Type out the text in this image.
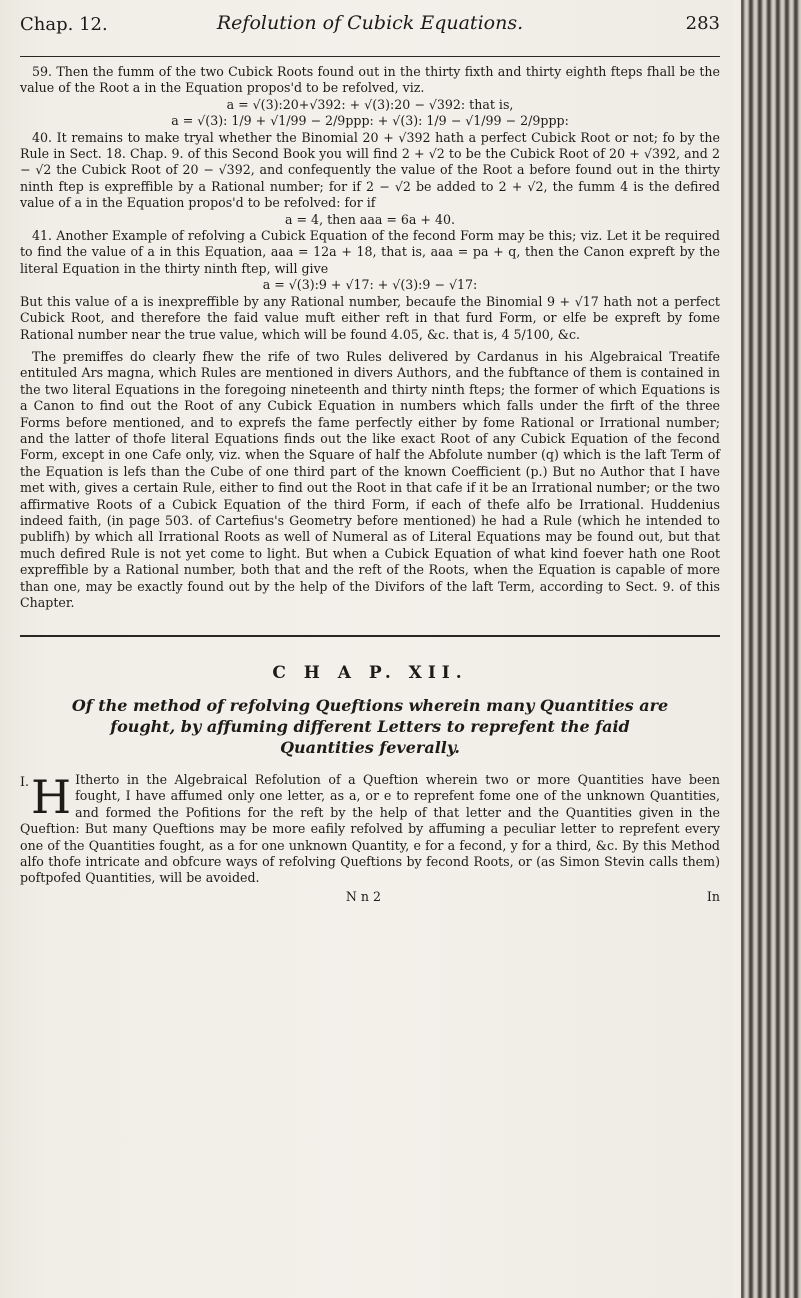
Chap. 12.	Refolution of Cubick Equations.	283

59. Then the fumm of the two Cubick Roots found out in the thirty fixth and thirty eighth fteps fhall be the value of the Root a in the Equation propos'd to be refolved, viz.

a = √(3):20+√392: + √(3):20 − √392: that is,

a = √(3): 1/9 + √1/99 − 2/9ppp: + √(3): 1/9 − √1/99 − 2/9ppp:

40. It remains to make tryal whether the Binomial 20 + √392 hath a perfect Cubick Root or not; fo by the Rule in Sect. 18. Chap. 9. of this Second Book you will find 2 + √2 to be the Cubick Root of 20 + √392, and 2 − √2 the Cubick Root of 20 − √392, and confequently the value of the Root a before found out in the thirty ninth ftep is expreffible by a Rational number; for if 2 − √2 be added to 2 + √2, the fumm 4 is the defired value of a in the Equation propos'd to be refolved: for if

a = 4, then aaa = 6a + 40.

41. Another Example of refolving a Cubick Equation of the fecond Form may be this; viz. Let it be required to find the value of a in this Equation, aaa = 12a + 18, that is, aaa = pa + q, then the Canon expreft by the literal Equation in the thirty ninth ftep, will give

a = √(3):9 + √17: + √(3):9 − √17:

But this value of a is inexpreffible by any Rational number, becaufe the Binomial 9 + √17 hath not a perfect Cubick Root, and therefore the faid value muft either reft in that furd Form, or elfe be expreft by fome Rational number near the true value, which will be found 4.05, &c. that is, 4 5/100, &c.

The premiffes do clearly fhew the rife of two Rules delivered by Cardanus in his Algebraical Treatife entituled Ars magna, which Rules are mentioned in divers Authors, and the fubftance of them is contained in the two literal Equations in the foregoing nineteenth and thirty ninth fteps; the former of which Equations is a Canon to find out the Root of any Cubick Equation in numbers which falls under the firft of the three Forms before mentioned, and to exprefs the fame perfectly either by fome Rational or Irrational number; and the latter of thofe literal Equations finds out the like exact Root of any Cubick Equation of the fecond Form, except in one Cafe only, viz. when the Square of half the Abfolute number (q) which is the laft Term of the Equation is lefs than the Cube of one third part of the known Coefficient (p.) But no Author that I have met with, gives a certain Rule, either to find out the Root in that cafe if it be an Irrational number; or the two affirmative Roots of a Cubick Equation of the third Form, if each of thefe alfo be Irrational. Huddenius indeed faith, (in page 503. of Cartefius's Geometry before mentioned) he had a Rule (which he intended to publifh) by which all Irrational Roots as well of Numeral as of Literal Equations may be found out, but that much defired Rule is not yet come to light. But when a Cubick Equation of what kind foever hath one Root expreffible by a Rational number, both that and the reft of the Roots, when the Equation is capable of more than one, may be exactly found out by the help of the Divifors of the laft Term, according to Sect. 9. of this Chapter.

C H A P. XII.
Of the method of refolving Queftions wherein many Quantities are
fought, by affuming different Letters to reprefent the faid
Quantities feverally.

I. H Itherto in the Algebraical Refolution of a Queftion wherein two or more Quantities have been fought, I have affumed only one letter, as a, or e to reprefent fome one of the unknown Quantities, and formed the Pofitions for the reft by the help of that letter and the Quantities given in the Queftion: But many Queftions may be more eafily refolved by affuming a peculiar letter to reprefent every one of the Quantities fought, as a for one unknown Quantity, e for a fecond, y for a third, &c. By this Method alfo thofe intricate and obfcure ways of refolving Queftions by fecond Roots, or (as Simon Stevin calls them) poftpofed Quantities, will be avoided.

N n 2	In
